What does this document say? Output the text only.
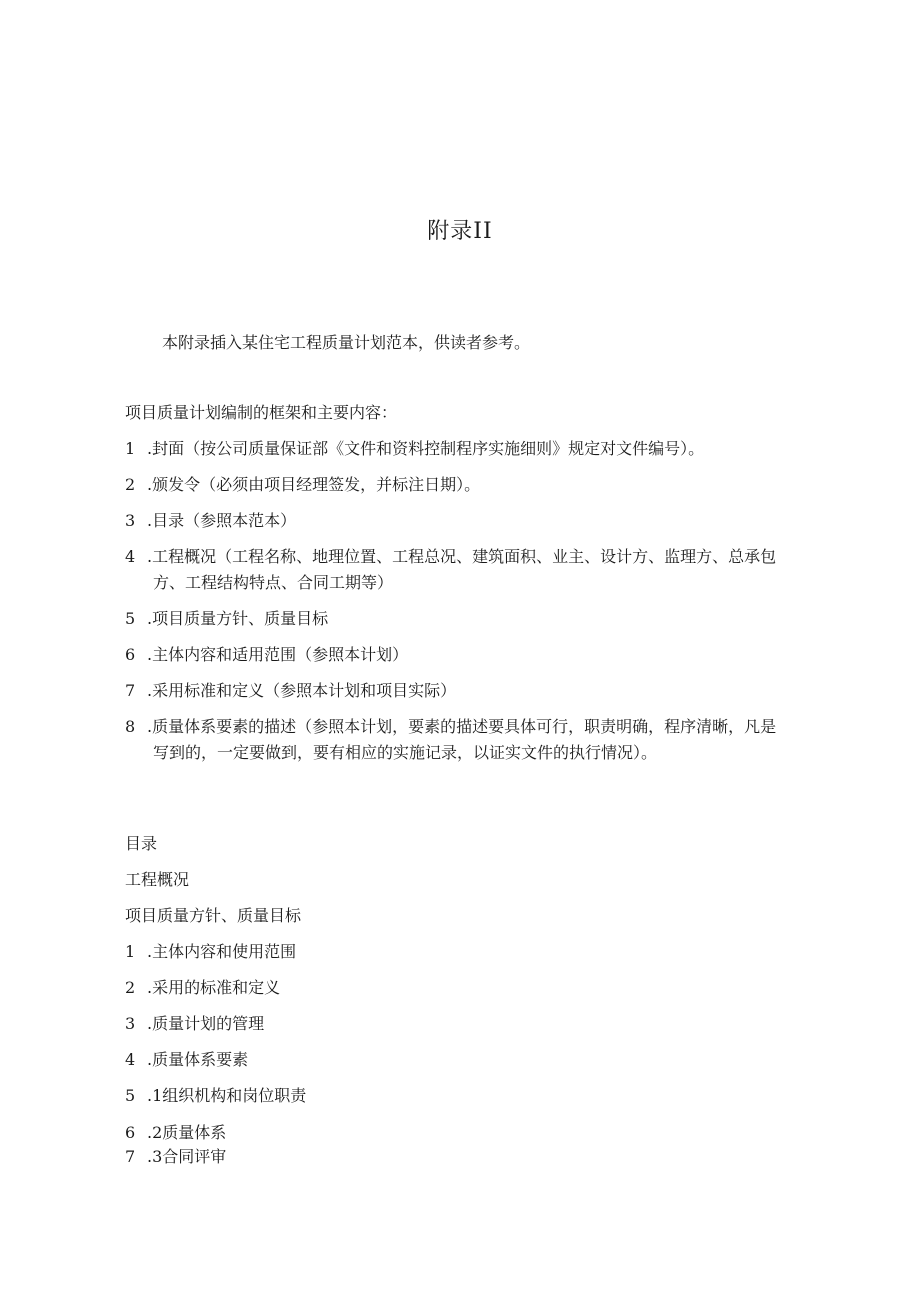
附录II
本附录插入某住宅工程质量计划范本，供读者参考。
项目质量计划编制的框架和主要内容：
1 .封面（按公司质量保证部《文件和资料控制程序实施细则》规定对文件编号）。
2 .颁发令（必须由项目经理签发，并标注日期）。
3 .目录（参照本范本）
4 .工程概况（工程名称、地理位置、工程总况、建筑面积、业主、设计方、监理方、总承包
方、工程结构特点、合同工期等）
5 .项目质量方针、质量目标
6 .主体内容和适用范围（参照本计划）
7 .采用标准和定义（参照本计划和项目实际）
8 .质量体系要素的描述（参照本计划，要素的描述要具体可行，职责明确，程序清晰，凡是
写到的，一定要做到，要有相应的实施记录，以证实文件的执行情况）。
目录
工程概况
项目质量方针、质量目标
1 .主体内容和使用范围
2 .采用的标准和定义
3 .质量计划的管理
4 .质量体系要素
5 .1组织机构和岗位职责
6 .2质量体系
7 .3合同评审
